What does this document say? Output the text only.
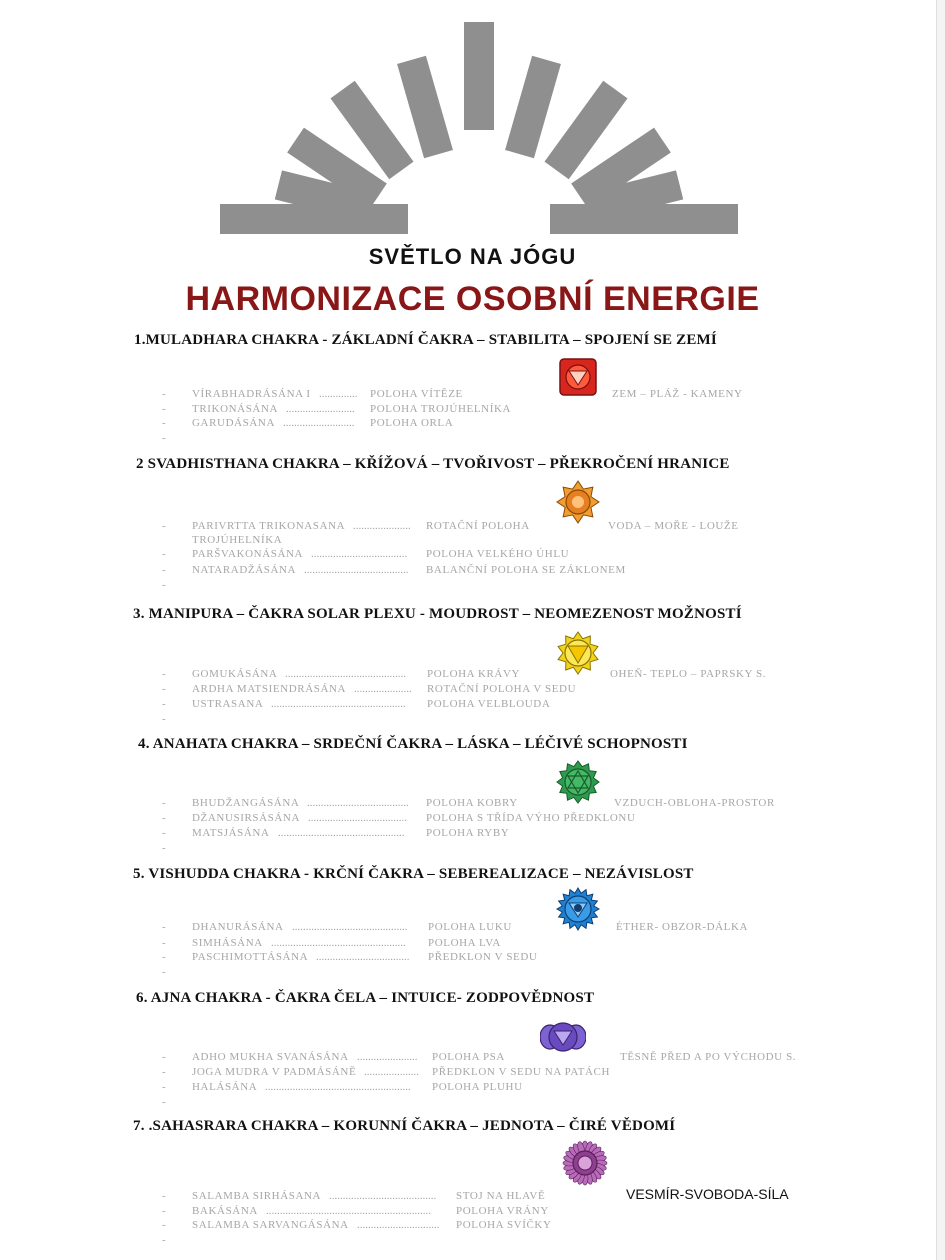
SVĚTLO NA JÓGU
HARMONIZACE OSOBNÍ ENERGIE
1.MULADHARA CHAKRA - ZÁKLADNÍ ČAKRA – STABILITA – SPOJENÍ SE ZEMÍ
ZEM – PLÁŽ - KAMENY
- VÍRABHADRÁSÁNA I	POLOHA VÍTĚZE
..............
- TRIKONÁSÁNA	POLOHA TROJÚHELNÍKA
.........................
- GARUDÁSÁNA	POLOHA ORLA
..........................
-
2 SVADHISTHANA CHAKRA – KŘÍŽOVÁ – TVOŘIVOST – PŘEKROČENÍ HRANICE
VODA – MOŘE - LOUŽE
- PARIVRTTA TRIKONASANA	ROTAČNÍ POLOHA
.....................
TROJÚHELNÍKA
- PARŠVAKONÁSÁNA	POLOHA VELKÉHO ÚHLU
...................................
- NATARADŽÁSÁNA	BALANČNÍ POLOHA SE ZÁKLONEM
......................................
-
3. MANIPURA – ČAKRA SOLAR PLEXU - MOUDROST – NEOMEZENOST MOŽNOSTÍ
OHEŇ- TEPLO – PAPRSKY S.
- GOMUKÁSÁNA	POLOHA KRÁVY
............................................
- ARDHA MATSIENDRÁSÁNA	ROTAČNÍ POLOHA V SEDU
.....................
- USTRASANA	POLOHA VELBLOUDA
.................................................
-
4. ANAHATA CHAKRA – SRDEČNÍ ČAKRA – LÁSKA – LÉČIVÉ SCHOPNOSTI
VZDUCH-OBLOHA-PROSTOR
- BHUDŽANGÁSÁNA	POLOHA KOBRY
.....................................
- DŽANUSIRSÁSÁNA	POLOHA S TŘÍDA VÝHO PŘEDKLONU
....................................
- MATSJÁSÁNA	POLOHA RYBY
..............................................
-
5. VISHUDDA CHAKRA - KRČNÍ ČAKRA – SEBEREALIZACE – NEZÁVISLOST
ÉTHER- OBZOR-DÁLKA
- DHANURÁSÁNA	POLOHA LUKU
..........................................
- SIMHÁSÁNA	POLOHA LVA
.................................................
- PASCHIMOTTÁSÁNA	PŘEDKLON V SEDU
..................................
-
6. AJNA CHAKRA - ČAKRA ČELA – INTUICE- ZODPOVĚDNOST
TĚSNĚ PŘED A PO VÝCHODU S.
- ADHO MUKHA SVANÁSÁNA	POLOHA PSA
......................
- JOGA MUDRA V PADMÁSÁNĚ	PŘEDKLON V SEDU NA PATÁCH
....................
- HALÁSÁNA	POLOHA PLUHU
.....................................................
-
7. .SAHASRARA CHAKRA – KORUNNÍ ČAKRA – JEDNOTA – ČIRÉ VĚDOMÍ
VESMÍR-SVOBODA-SÍLA
- SALAMBA SIRHÁSANA	STOJ NA HLAVĚ
.......................................
- BAKÁSÁNA	POLOHA VRÁNY
............................................................
- SALAMBA SARVANGÁSÁNA	POLOHA SVÍČKY
..............................
-
